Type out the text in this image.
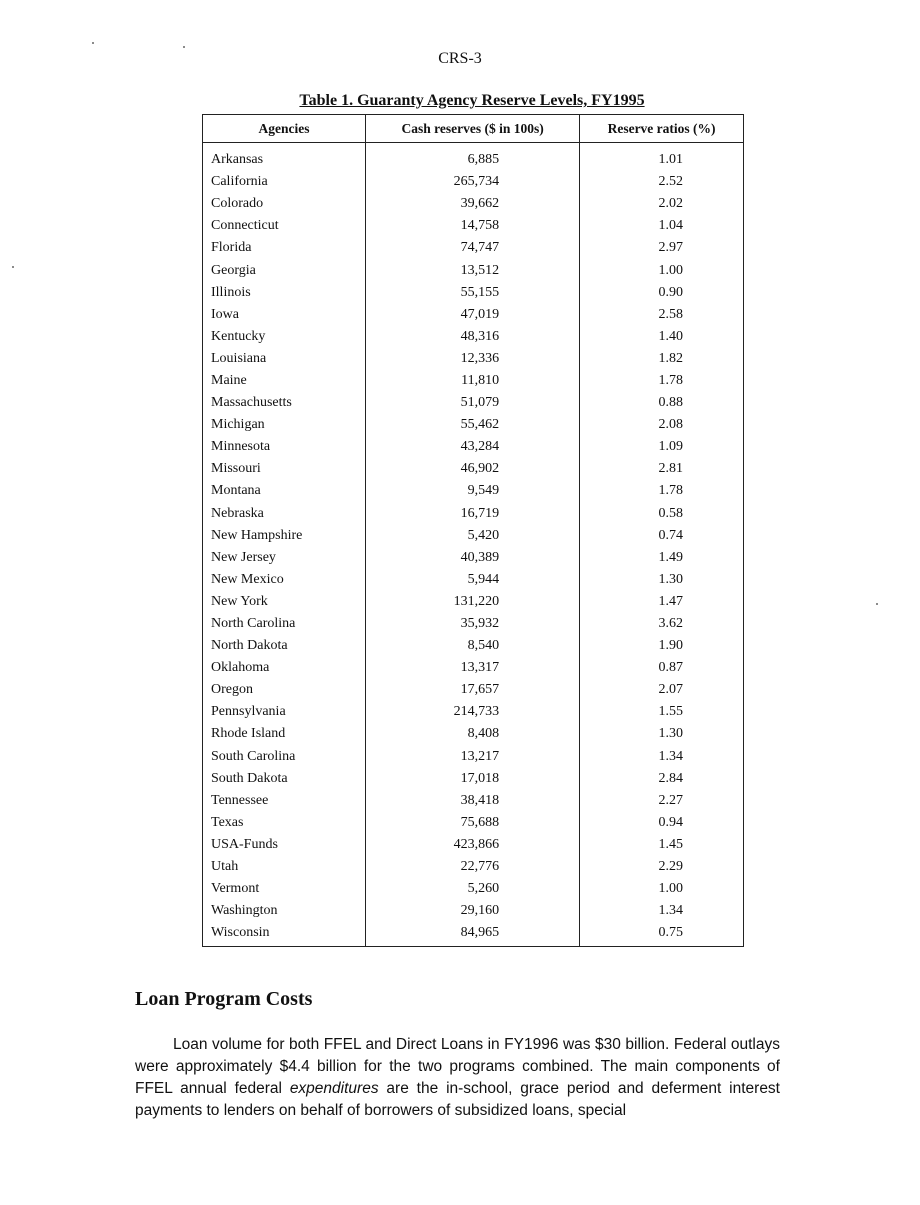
CRS-3
Table 1. Guaranty Agency Reserve Levels, FY1995
Agencies	Cash reserves ($ in 100s)	Reserve ratios (%)
Arkansas	6,885	1.01
California	265,734	2.52
Colorado	39,662	2.02
Connecticut	14,758	1.04
Florida	74,747	2.97
Georgia	13,512	1.00
Illinois	55,155	0.90
Iowa	47,019	2.58
Kentucky	48,316	1.40
Louisiana	12,336	1.82
Maine	11,810	1.78
Massachusetts	51,079	0.88
Michigan	55,462	2.08
Minnesota	43,284	1.09
Missouri	46,902	2.81
Montana	9,549	1.78
Nebraska	16,719	0.58
New Hampshire	5,420	0.74
New Jersey	40,389	1.49
New Mexico	5,944	1.30
New York	131,220	1.47
North Carolina	35,932	3.62
North Dakota	8,540	1.90
Oklahoma	13,317	0.87
Oregon	17,657	2.07
Pennsylvania	214,733	1.55
Rhode Island	8,408	1.30
South Carolina	13,217	1.34
South Dakota	17,018	2.84
Tennessee	38,418	2.27
Texas	75,688	0.94
USA-Funds	423,866	1.45
Utah	22,776	2.29
Vermont	5,260	1.00
Washington	29,160	1.34
Wisconsin	84,965	0.75
Loan Program Costs

Loan volume for both FFEL and Direct Loans in FY1996 was $30 billion. Federal outlays were approximately $4.4 billion for the two programs combined. The main components of FFEL annual federal expenditures are the in-school, grace period and deferment interest payments to lenders on behalf of borrowers of subsidized loans, special
